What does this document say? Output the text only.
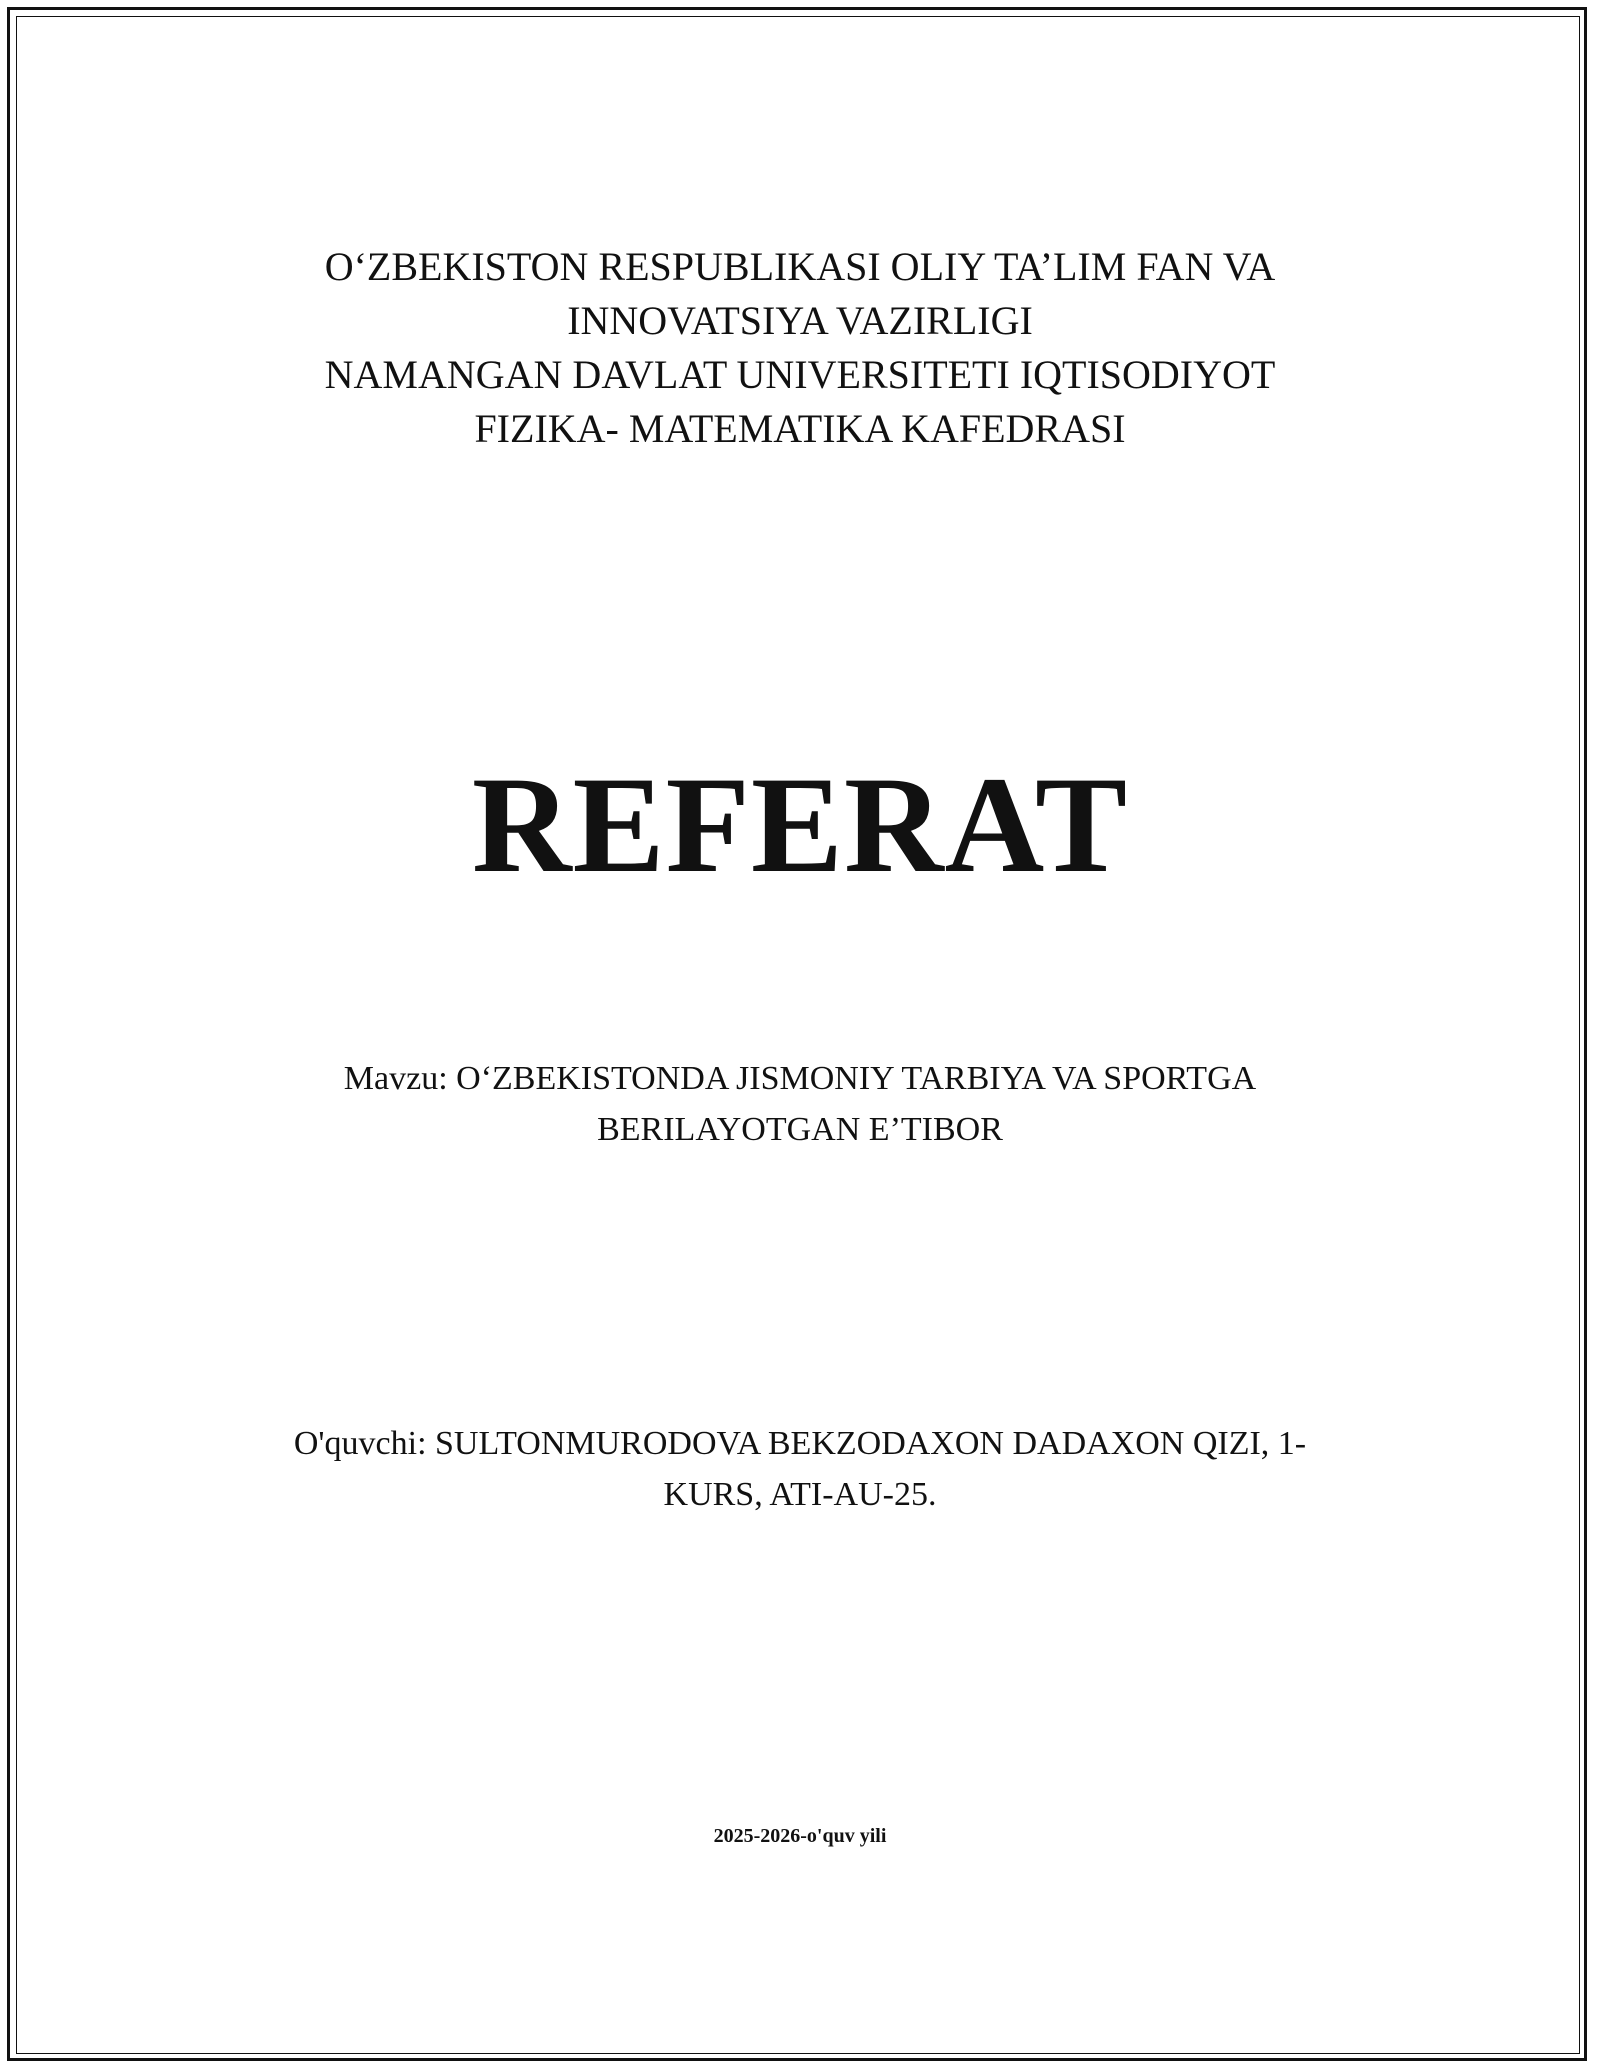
O‘ZBEKISTON RESPUBLIKASI OLIY TA’LIM FAN VA
INNOVATSIYA VAZIRLIGI
NAMANGAN DAVLAT UNIVERSITETI IQTISODIYOT
FIZIKA- MATEMATIKA KAFEDRASI
REFERAT
Mavzu: O‘ZBEKISTONDA JISMONIY TARBIYA VA SPORTGA
BERILAYOTGAN E’TIBOR
O'quvchi: SULTONMURODOVA BEKZODAXON DADAXON QIZI, 1-
KURS, ATI-AU-25.
2025-2026-o'quv yili
